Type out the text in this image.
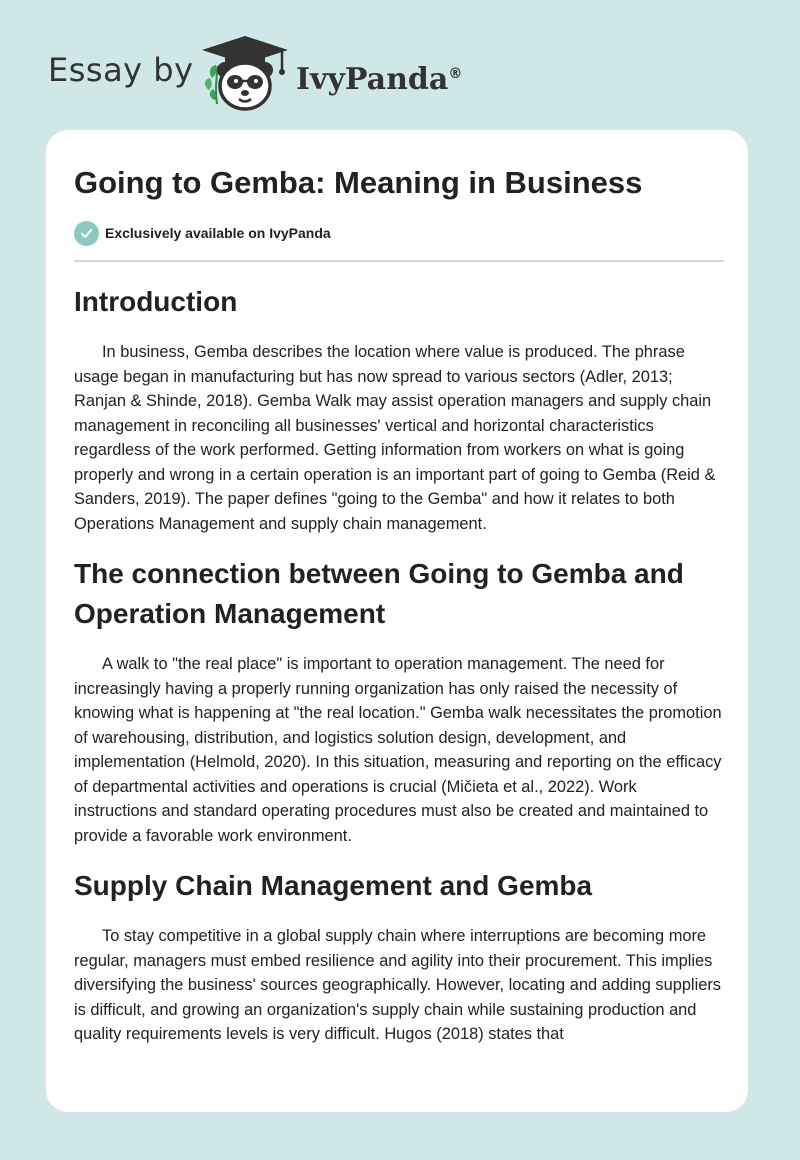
Essay by	IvyPanda®
Going to Gemba: Meaning in Business
Exclusively available on IvyPanda
Introduction

In business, Gemba describes the location where value is produced. The phrase usage began in manufacturing but has now spread to various sectors (Adler, 2013; Ranjan & Shinde, 2018). Gemba Walk may assist operation managers and supply chain management in reconciling all businesses' vertical and horizontal characteristics regardless of the work performed. Getting information from workers on what is going properly and wrong in a certain operation is an important part of going to Gemba (Reid & Sanders, 2019). The paper defines "going to the Gemba" and how it relates to both Operations Management and supply chain management.

The connection between Going to Gemba and Operation Management

A walk to "the real place" is important to operation management. The need for increasingly having a properly running organization has only raised the necessity of knowing what is happening at "the real location." Gemba walk necessitates the promotion of warehousing, distribution, and logistics solution design, development, and implementation (Helmold, 2020). In this situation, measuring and reporting on the efficacy of departmental activities and operations is crucial (Mičieta et al., 2022). Work instructions and standard operating procedures must also be created and maintained to provide a favorable work environment.

Supply Chain Management and Gemba

To stay competitive in a global supply chain where interruptions are becoming more regular, managers must embed resilience and agility into their procurement. This implies diversifying the business' sources geographically. However, locating and adding suppliers is difficult, and growing an organization's supply chain while sustaining production and quality requirements levels is very difficult. Hugos (2018) states that
